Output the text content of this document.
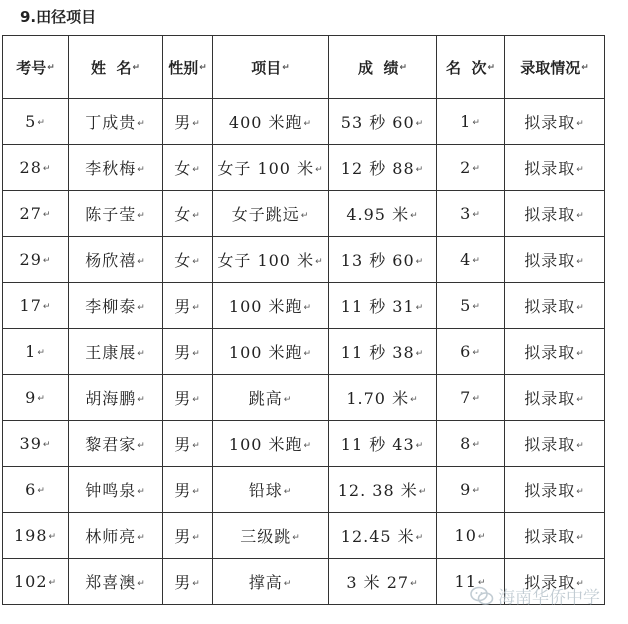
9.田径项目
考号↵	姓  名↵	性别↵	项目↵	成  绩↵	名  次↵	录取情况↵
5↵	丁成贵↵	男↵	400 米跑↵	53 秒 60↵	1↵	拟录取↵
28↵	李秋梅↵	女↵	女子 100 米↵	12 秒 88↵	2↵	拟录取↵
27↵	陈子莹↵	女↵	女子跳远↵	4.95 米↵	3↵	拟录取↵
29↵	杨欣禧↵	女↵	女子 100 米↵	13 秒 60↵	4↵	拟录取↵
17↵	李柳泰↵	男↵	100 米跑↵	11 秒 31↵	5↵	拟录取↵
1↵	王康展↵	男↵	100 米跑↵	11 秒 38↵	6↵	拟录取↵
9↵	胡海鹏↵	男↵	跳高↵	1.70 米↵	7↵	拟录取↵
39↵	黎君家↵	男↵	100 米跑↵	11 秒 43↵	8↵	拟录取↵
6↵	钟鸣泉↵	男↵	铅球↵	12. 38 米↵	9↵	拟录取↵
198↵	林师亮↵	男↵	三级跳↵	12.45 米↵	10↵	拟录取↵
102↵	郑喜澳↵	男↵	撑高↵	3 米 27↵	11↵	拟录取↵
海南华侨中学
